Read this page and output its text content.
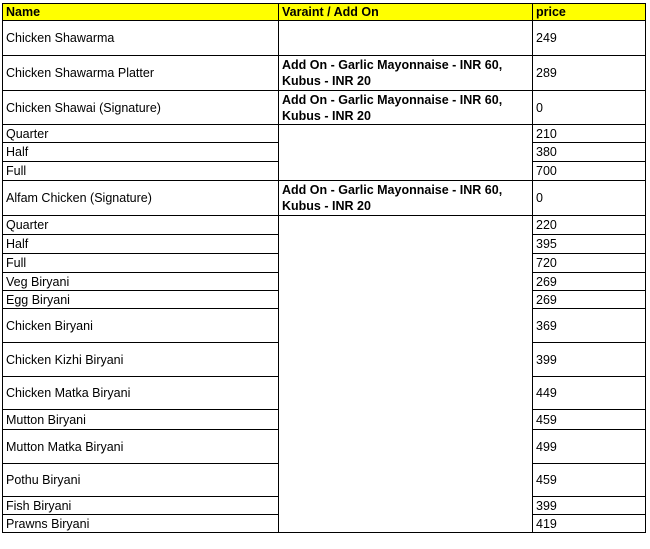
Name	Varaint / Add On	price
Chicken Shawarma		249
Chicken Shawarma Platter	Add On - Garlic Mayonnaise - INR 60, Kubus - INR 20	289
Chicken Shawai (Signature)	Add On - Garlic Mayonnaise - INR 60, Kubus - INR 20	0
Quarter		210
Half		380
Full		700
Alfam Chicken (Signature)	Add On - Garlic Mayonnaise - INR 60, Kubus - INR 20	0
Quarter		220
Half		395
Full		720
Veg Biryani		269
Egg Biryani		269
Chicken Biryani		369
Chicken Kizhi Biryani		399
Chicken Matka Biryani		449
Mutton Biryani		459
Mutton Matka Biryani		499
Pothu Biryani		459
Fish Biryani		399
Prawns Biryani		419
